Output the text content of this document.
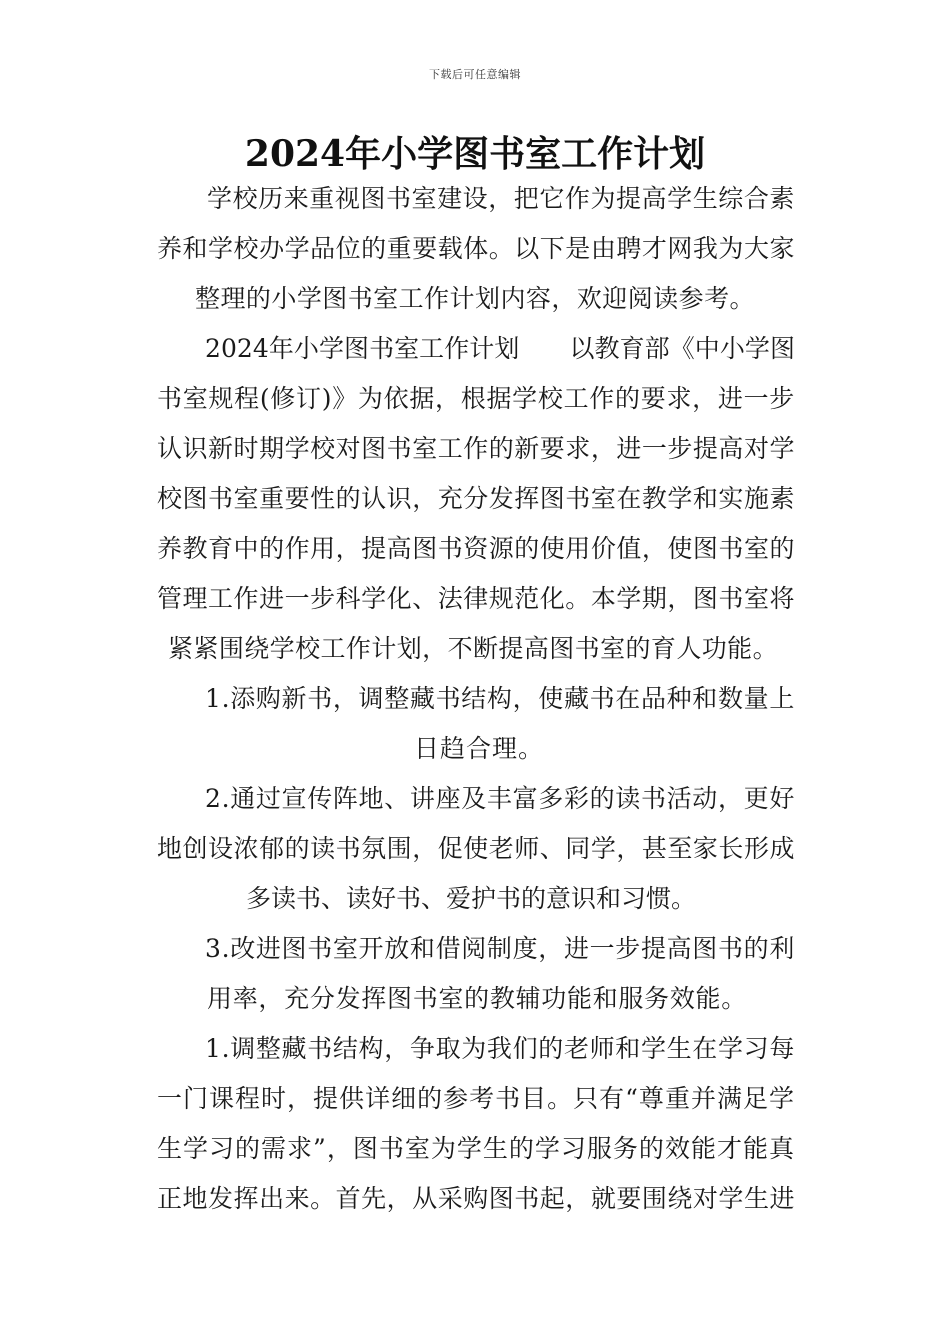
下载后可任意编辑
2024年小学图书室工作计划
学校历来重视图书室建设，把它作为提高学生综合素
养和学校办学品位的重要载体。以下是由聘才网我为大家
整理的小学图书室工作计划内容，欢迎阅读参考。
2024年小学图书室工作计划　　以教育部《中小学图
书室规程(修订)》为依据，根据学校工作的要求，进一步
认识新时期学校对图书室工作的新要求，进一步提高对学
校图书室重要性的认识，充分发挥图书室在教学和实施素
养教育中的作用，提高图书资源的使用价值，使图书室的
管理工作进一步科学化、法律规范化。本学期，图书室将
紧紧围绕学校工作计划，不断提高图书室的育人功能。
1.添购新书，调整藏书结构，使藏书在品种和数量上
日趋合理。
2.通过宣传阵地、讲座及丰富多彩的读书活动，更好
地创设浓郁的读书氛围，促使老师、同学，甚至家长形成
多读书、读好书、爱护书的意识和习惯。
3.改进图书室开放和借阅制度，进一步提高图书的利
用率，充分发挥图书室的教辅功能和服务效能。
1.调整藏书结构，争取为我们的老师和学生在学习每
一门课程时，提供详细的参考书目。只有“尊重并满足学
生学习的需求”，图书室为学生的学习服务的效能才能真
正地发挥出来。首先，从采购图书起，就要围绕对学生进
